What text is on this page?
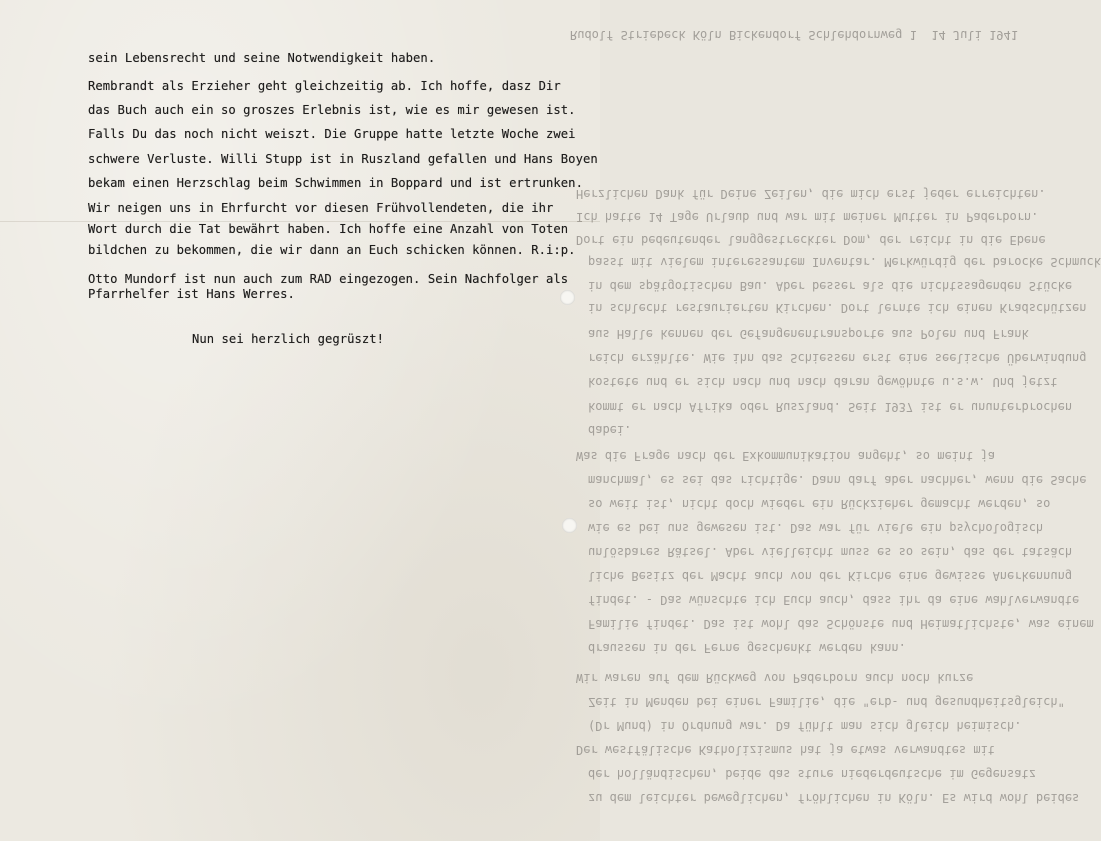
Rudolf Striebeck Köln Bickendorf Schlehdornweg 1  14 Juli 1941
Herzlichen Dank für Deine Zeilen, die mich erst jeder erreichten.
Ich hatte 14 Tage Urlaub und war mit meiner Mutter in Paderborn.
Dort ein bedeutender langgestreckter Dom, der reicht in die Ebene
passt mit vielem interessantem Inventar. Merkwürdig der barocke Schmuck
in dem spätgotischen Bau. Aber besser als die nichtssagenden Stücke
in schlecht restaurierten Kirchen. Dort lernte ich einen Kradschützen
aus Halle kennen der Gefangenentransporte aus Polen und Frank
reich erzählte. Wie ihn das Schiessen erst eine seelische Überwindung
kostete und er sich nach und nach daran gewöhnte u.s.w. Und jetzt
kommt er nach Afrika oder Ruszland. Seit 1937 ist er ununterbrochen
dabei.
Was die Frage nach der Exkommunikation angeht, so meint ja
manchmal, es sei das richtige. Dann darf aber nachher, wenn die Sache
so weit ist, nicht doch wieder ein Rückzieher gemacht werden, so
wie es bei uns gewesen ist. Das war für viele ein psychologisch
unlösbares Rätsel. Aber vielleicht muss es so sein, das der tatsäch
liche Besitz der Macht auch von der Kirche eine gewisse Anerkennung
findet. - Das wünschte ich Euch auch, dass ihr da eine wahlverwandte
Familie findet. Das ist wohl das Schönste und Heimatlichste, was einem
draussen in der Ferne geschenkt werden kann.
Wir waren auf dem Rückweg von Paderborn auch noch kurze
Zeit in Menden bei einer Familie, die "erb- und gesundheitsgleich"
(Dr Mund) in Ordnung war. Da fühlt man sich gleich heimisch.
Der westfälische Katholizismus hat ja etwas verwandtes mit
der holländischen, beide das sture niederdeutsche im Gegensatz
zu dem leichter beweglichen, fröhlichen in Köln. Es wird wohl beides
sein Lebensrecht und seine Notwendigkeit haben.
Rembrandt als Erzieher geht gleichzeitig ab. Ich hoffe, dasz Dir
das Buch auch ein so groszes Erlebnis ist, wie es mir gewesen ist.
Falls Du das noch nicht weiszt. Die Gruppe hatte letzte Woche zwei
schwere Verluste. Willi Stupp ist in Ruszland gefallen und Hans Boyen
bekam einen Herzschlag beim Schwimmen in Boppard und ist ertrunken.
Wir neigen uns in Ehrfurcht vor diesen Frühvollendeten, die ihr
Wort durch die Tat bewährt haben. Ich hoffe eine Anzahl von Toten
bildchen zu bekommen, die wir dann an Euch schicken können. R.i:p.
Otto Mundorf ist nun auch zum RAD eingezogen. Sein Nachfolger als
Pfarrhelfer ist Hans Werres.
Nun sei herzlich gegrüszt!
